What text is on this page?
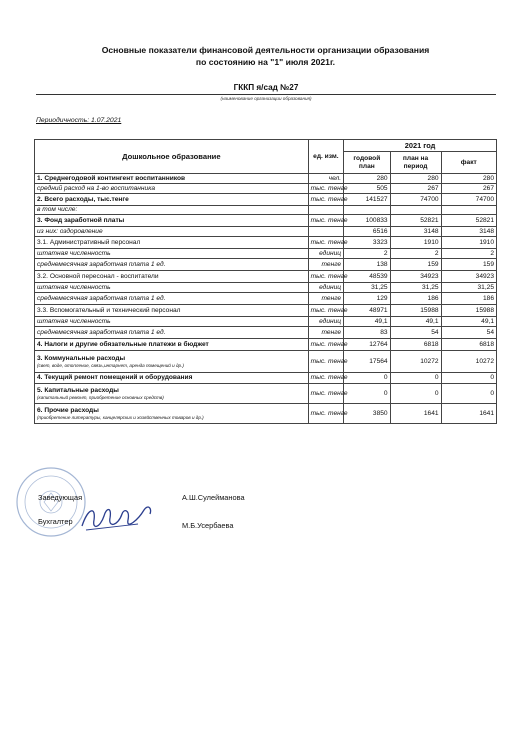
Основные показатели финансовой деятельности организации образования
по состоянию на "1" июля 2021г.
ГККП я/сад №27
(наименование организации образования)
Периодичность: 1.07.2021
Дошкольное образование	ед. изм.	2021 год		
		годовой план	план на период	факт
1. Среднегодовой контингент воспитанников	чел.	280	280	280
средний расход на 1-во воспитанника	тыс. тенге	505	267	267
2. Всего расходы, тыс.тенге	тыс. тенге	141527	74700	74700
в том числе:				
3. Фонд заработной платы	тыс. тенге	100833	52821	52821
из них: оздоровление		6516	3148	3148
3.1. Административный персонал	тыс. тенге	3323	1910	1910
штатная численность	единиц	2	2	2
среднемесячная заработная плата 1 ед.	тенге	138	159	159
3.2. Основной пересонал - воспитатели	тыс. тенге	48539	34923	34923
штатная численность	единиц	31,25	31,25	31,25
среднемесячная заработная плата 1 ед.	тенге	129	186	186
3.3. Вспомогательный и технический персонал	тыс. тенге	48971	15988	15988
штатная численность	единиц	49,1	49,1	49,1
среднемесячная заработная плата 1 ед.	тенге	83	54	54
4. Налоги и другие обязательные платежи в бюджет	тыс. тенге	12764	6818	6818
3. Коммунальные расходы
(свет, воде, отопление, связь,интарнет, аренда помещений и др.)	тыс. тенге	17564	10272	10272
4. Текущий ремонт помещений и оборудования	тыс. тенге	0	0	0
5. Капитальные расходы
(капитальный ремонт, приобретение основных средств)	тыс. тенге	0	0	0
6. Прочие расходы
(приобретение литературы, канцелярских и хозяйственных товаров и др.)	тыс. тенге	3850	1641	1641
Заведующая	А.Ш.Сулейманова
Бухгалтер	М.Б.Усербаева
